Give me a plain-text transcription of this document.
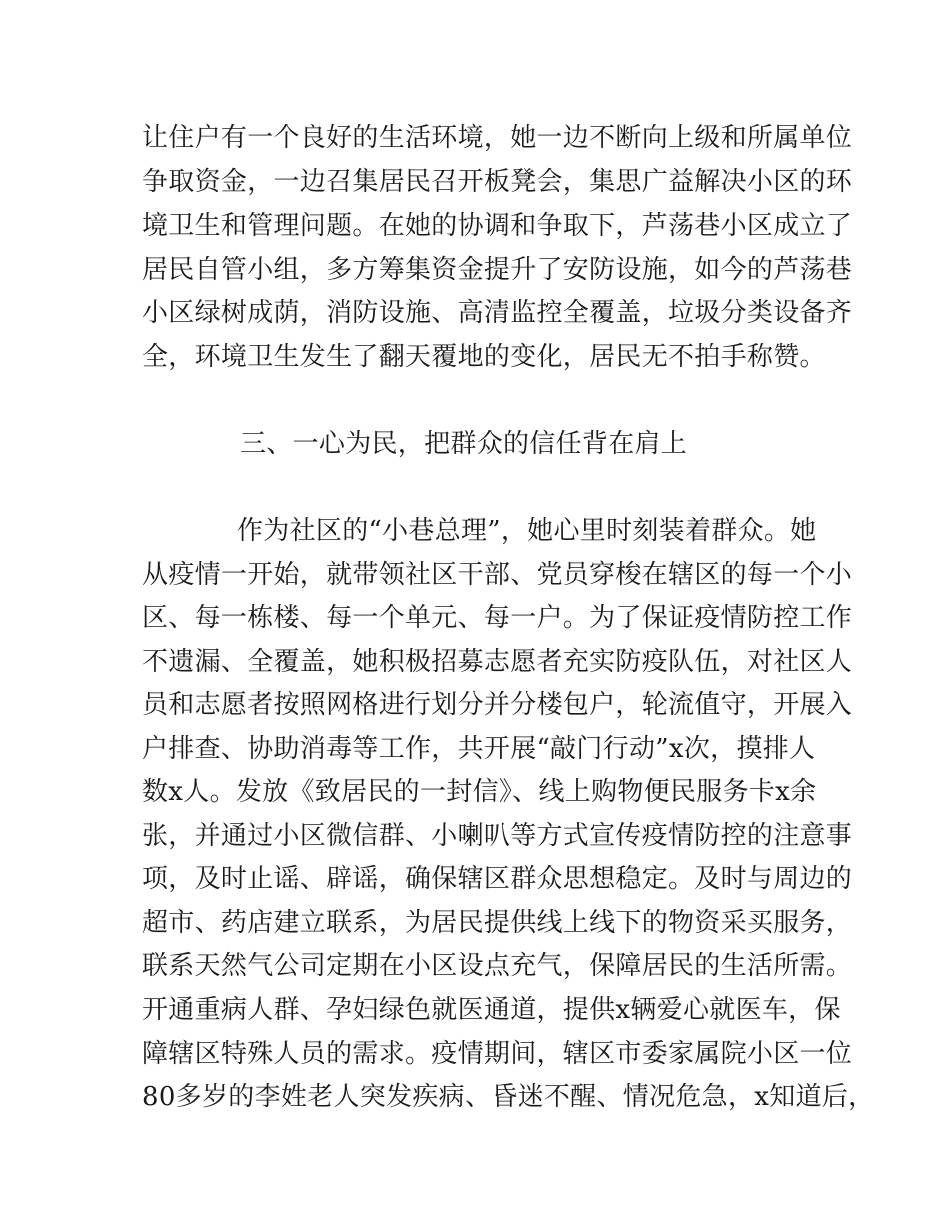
让住户有一个良好的生活环境，她一边不断向上级和所属单位
争取资金，一边召集居民召开板凳会，集思广益解决小区的环
境卫生和管理问题。在她的协调和争取下，芦荡巷小区成立了
居民自管小组，多方筹集资金提升了安防设施，如今的芦荡巷
小区绿树成荫，消防设施、高清监控全覆盖，垃圾分类设备齐
全，环境卫生发生了翻天覆地的变化，居民无不拍手称赞。
三、一心为民，把群众的信任背在肩上
作为社区的“小巷总理”，她心里时刻装着群众。她
从疫情一开始，就带领社区干部、党员穿梭在辖区的每一个小
区、每一栋楼、每一个单元、每一户。为了保证疫情防控工作
不遗漏、全覆盖，她积极招募志愿者充实防疫队伍，对社区人
员和志愿者按照网格进行划分并分楼包户，轮流值守，开展入
户排查、协助消毒等工作，共开展“敲门行动”x次，摸排人
数x人。发放《致居民的一封信》、线上购物便民服务卡x余
张，并通过小区微信群、小喇叭等方式宣传疫情防控的注意事
项，及时止谣、辟谣，确保辖区群众思想稳定。及时与周边的
超市、药店建立联系，为居民提供线上线下的物资采买服务，
联系天然气公司定期在小区设点充气，保障居民的生活所需。
开通重病人群、孕妇绿色就医通道，提供x辆爱心就医车，保
障辖区特殊人员的需求。疫情期间，辖区市委家属院小区一位
80多岁的李姓老人突发疾病、昏迷不醒、情况危急，x知道后，
